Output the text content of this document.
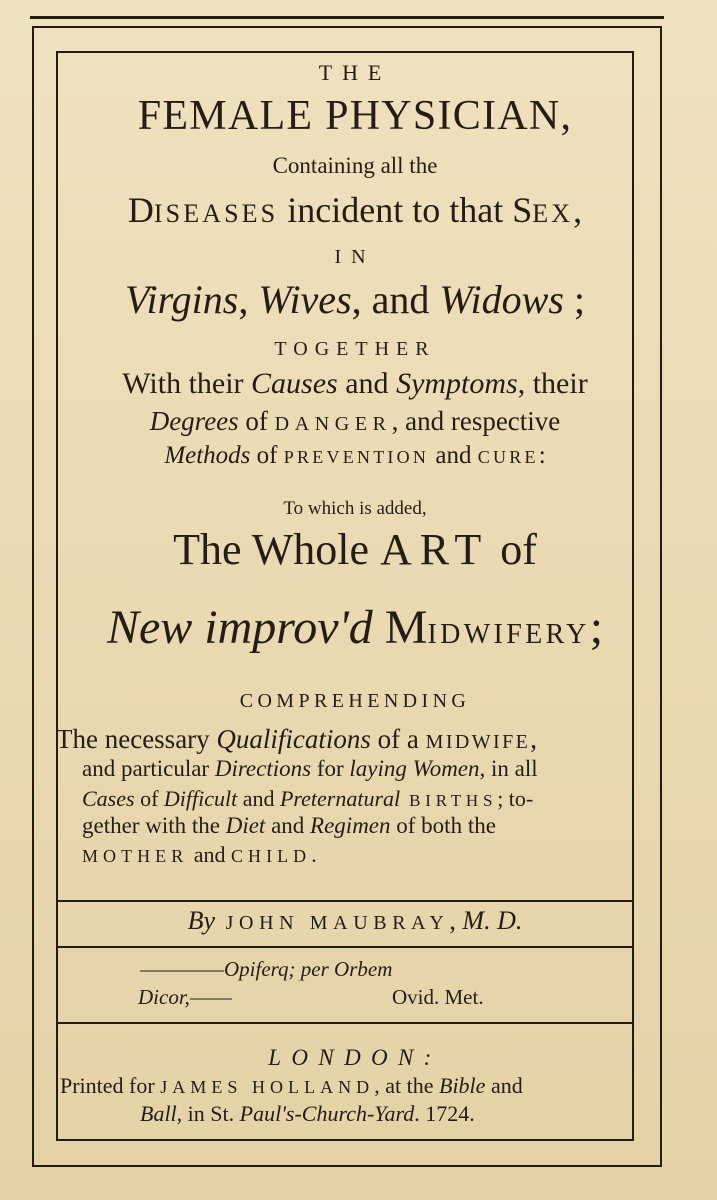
THE
FEMALE PHYSICIAN,
Containing all the
DISEASES incident to that SEX,
IN
Virgins, Wives, and Widows ;
TOGETHER
With their Causes and Symptoms, their
Degrees of DANGER, and respective
Methods of PREVENTION and CURE:
To which is added,
The Whole ART of
New improv'd MIDWIFERY;
COMPREHENDING
The necessary Qualifications of a MIDWIFE,
and particular Directions for laying Women, in all
Cases of Difficult and Preternatural BIRTHS; to-
gether with the Diet and Regimen of both the
MOTHER and CHILD.
By JOHN MAUBRAY, M. D.
————Opiferq; per Orbem
Dicor,——	Ovid. Met.
LONDON:
Printed for JAMES HOLLAND, at the Bible and
Ball, in St. Paul's-Church-Yard. 1724.
